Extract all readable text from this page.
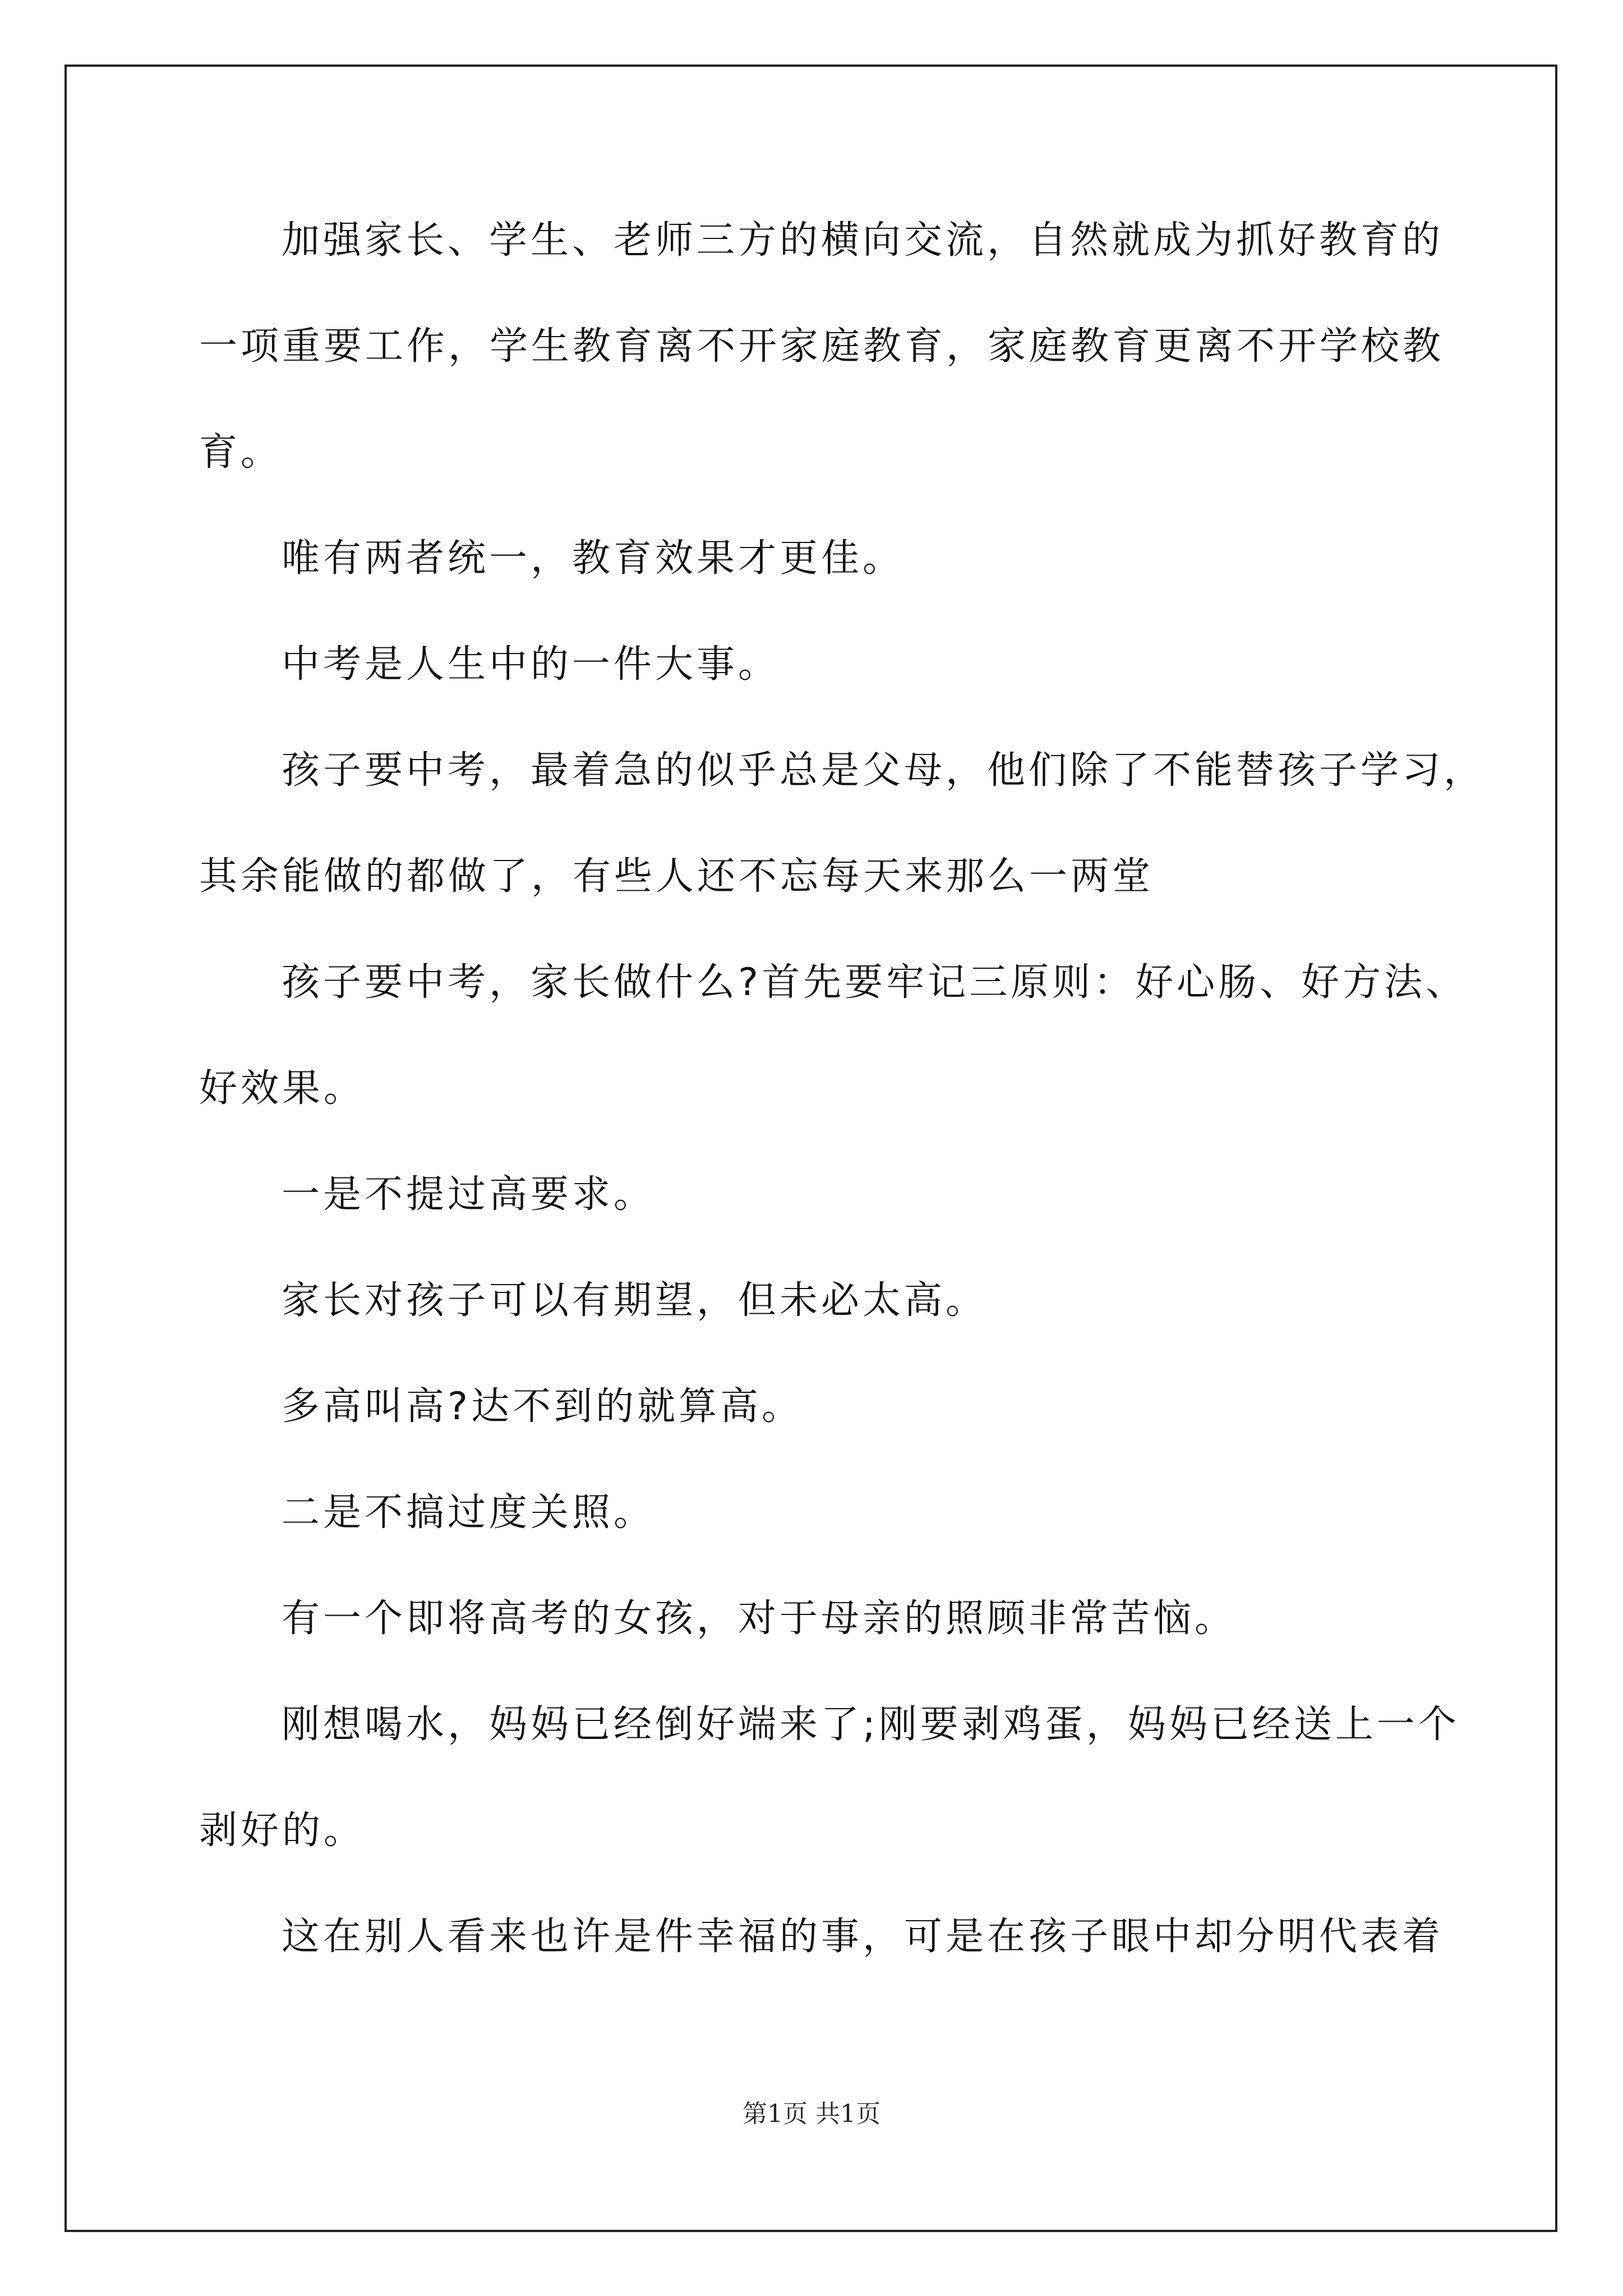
加强家长、学生、老师三方的横向交流，自然就成为抓好教育的
一项重要工作，学生教育离不开家庭教育，家庭教育更离不开学校教
育。
唯有两者统一，教育效果才更佳。
中考是人生中的一件大事。
孩子要中考，最着急的似乎总是父母，他们除了不能替孩子学习，
其余能做的都做了，有些人还不忘每天来那么一两堂
孩子要中考，家长做什么?首先要牢记三原则：好心肠、好方法、
好效果。
一是不提过高要求。
家长对孩子可以有期望，但未必太高。
多高叫高?达不到的就算高。
二是不搞过度关照。
有一个即将高考的女孩，对于母亲的照顾非常苦恼。
刚想喝水，妈妈已经倒好端来了;刚要剥鸡蛋，妈妈已经送上一个
剥好的。
这在别人看来也许是件幸福的事，可是在孩子眼中却分明代表着
第1页 共1页
